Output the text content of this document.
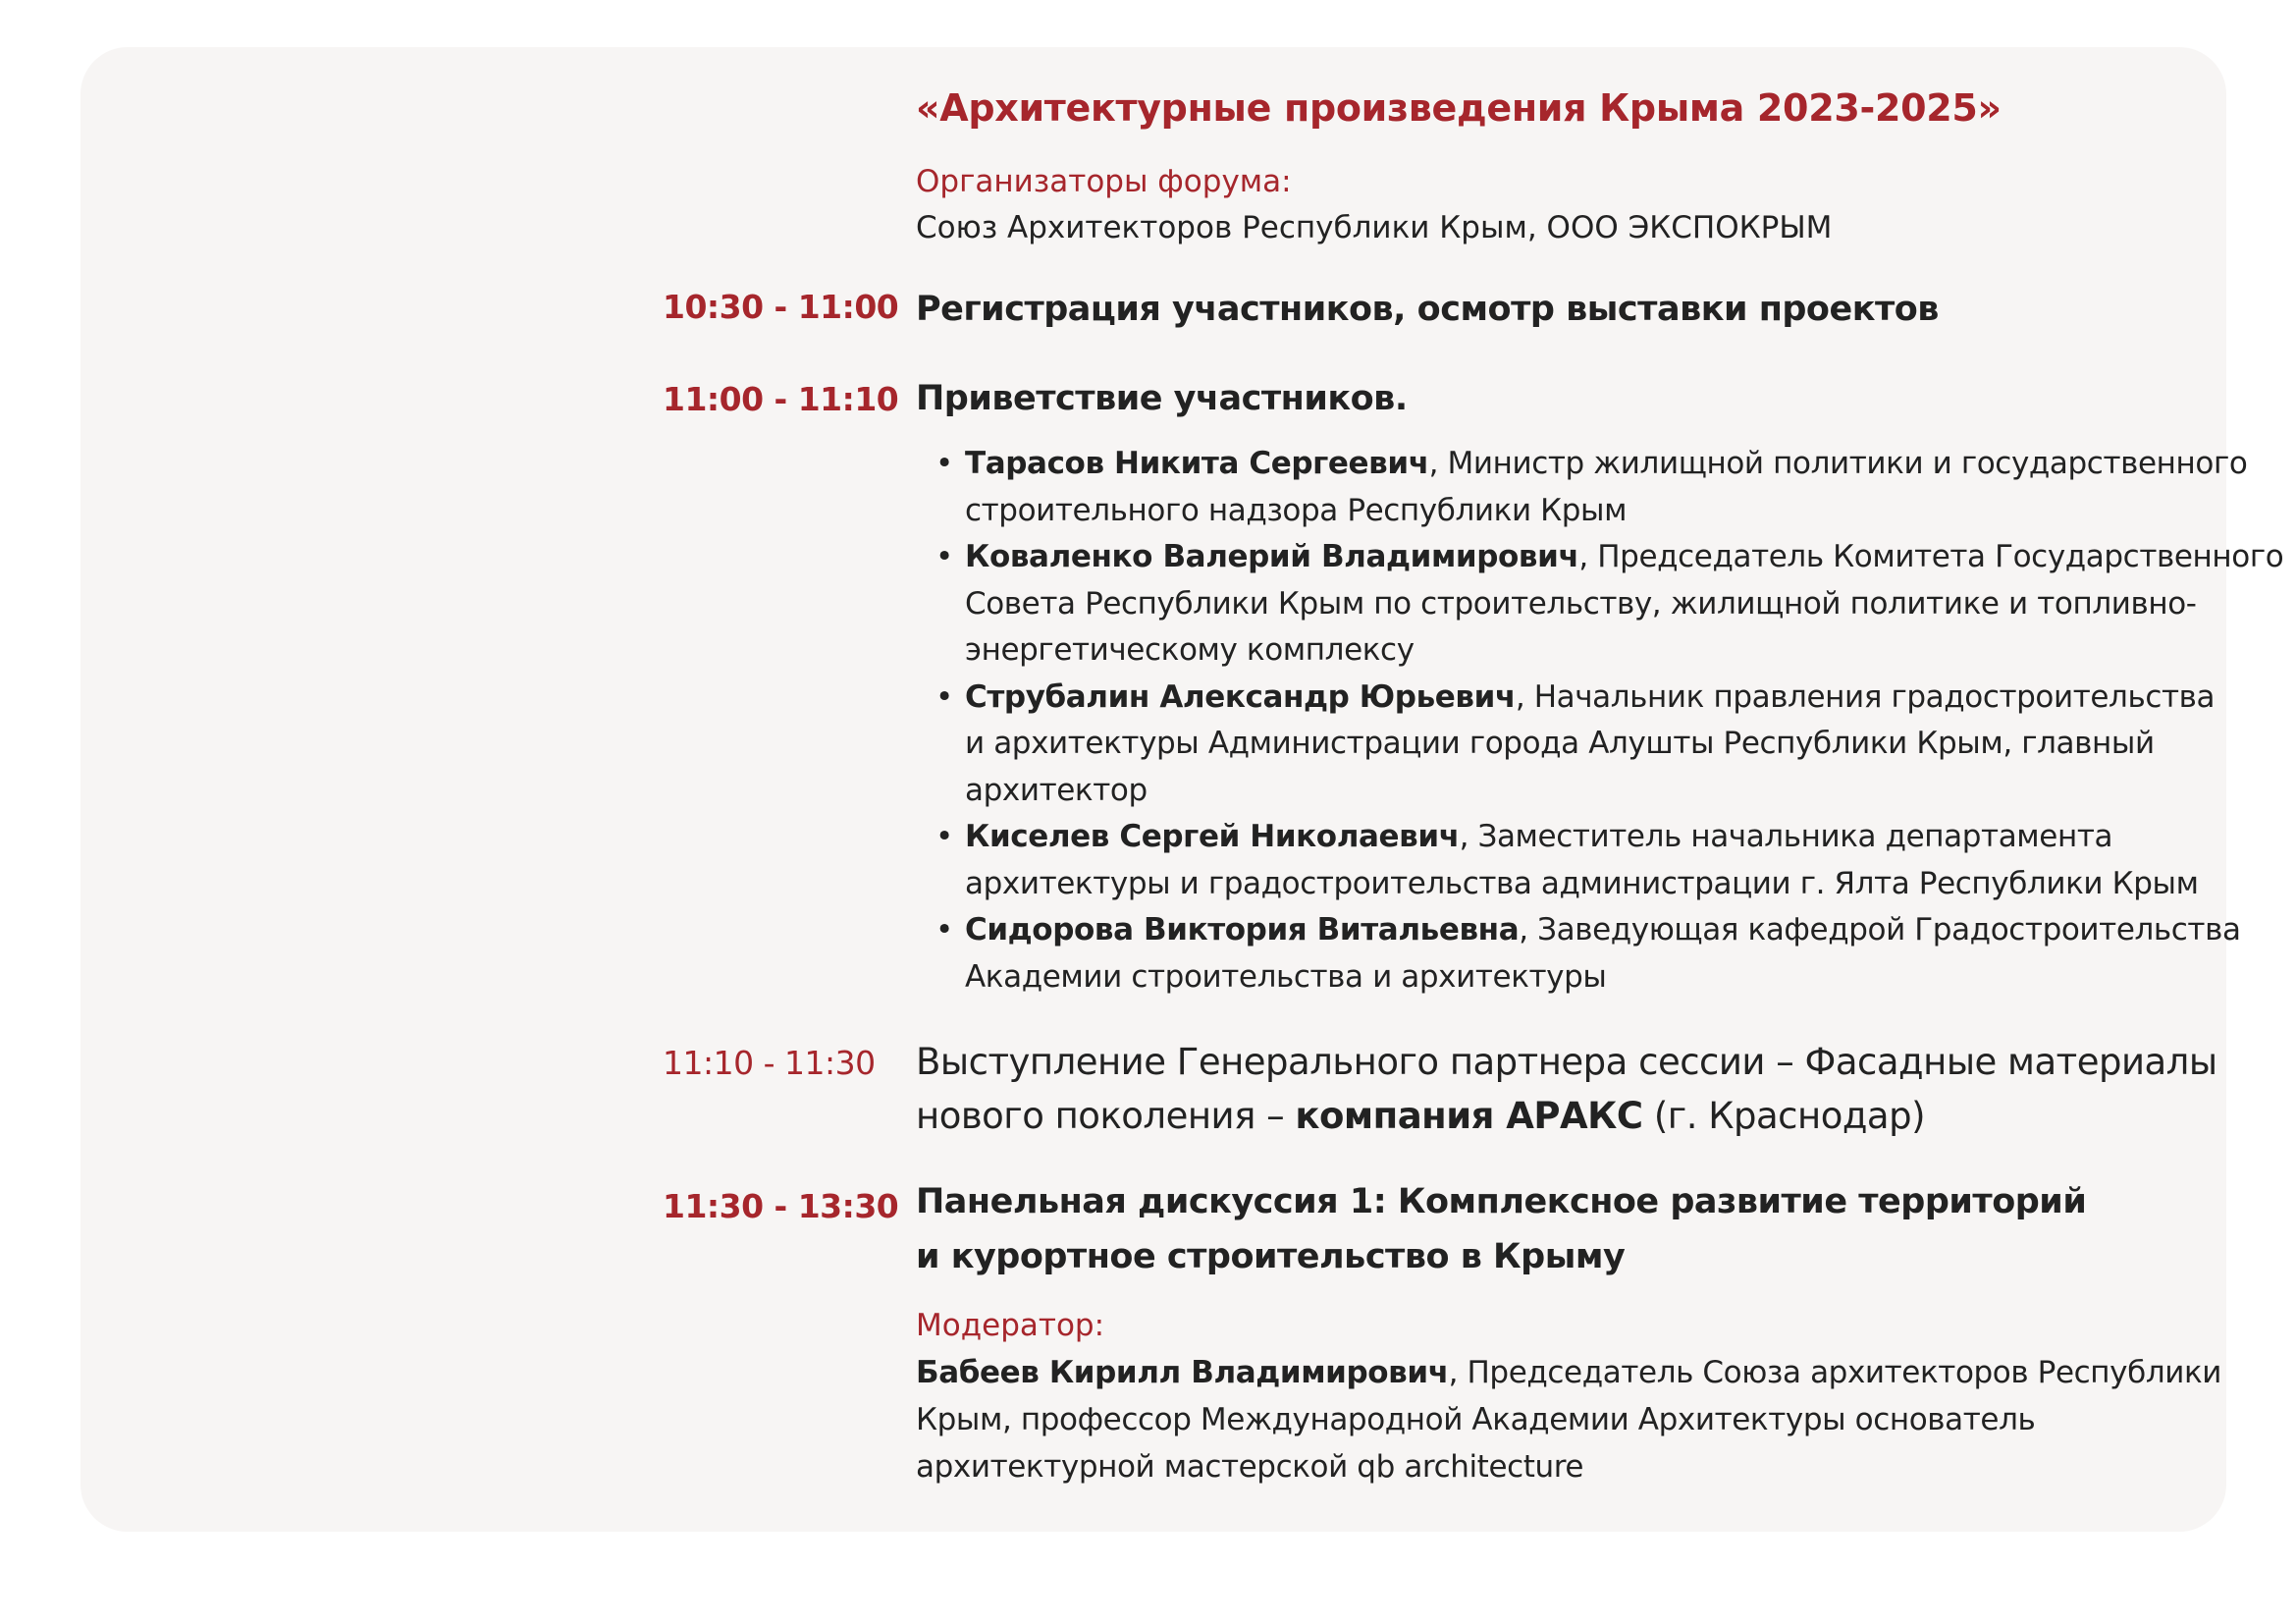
«Архитектурные произведения Крыма 2023-2025»
Организаторы форума:
Союз Архитекторов Республики Крым, ООО ЭКСПОКРЫМ
10:30 - 11:00 Регистрация участников, осмотр выставки проектов
11:00 - 11:10 Приветствие участников.
• Тарасов Никита Сергеевич, Министр жилищной политики и государственного
строительного надзора Республики Крым
• Коваленко Валерий Владимирович, Председатель Комитета Государственного
Совета Республики Крым по строительству, жилищной политике и топливно-
энергетическому комплексу
• Струбалин Александр Юрьевич, Начальник правления градостроительства
и архитектуры Администрации города Алушты Республики Крым, главный
архитектор
• Киселев Сергей Николаевич, Заместитель начальника департамента
архитектуры и градостроительства администрации г. Ялта Республики Крым
• Сидорова Виктория Витальевна, Заведующая кафедрой Градостроительства
Академии строительства и архитектуры
11:10 - 11:30 Выступление Генерального партнера сессии – Фасадные материалы
нового поколения – компания АРАКС (г. Краснодар)
11:30 - 13:30 Панельная дискуссия 1: Комплексное развитие территорий
и курортное строительство в Крыму
Модератор:
Бабеев Кирилл Владимирович, Председатель Союза архитекторов Республики
Крым, профессор Международной Академии Архитектуры основатель
архитектурной мастерской qb architecture
